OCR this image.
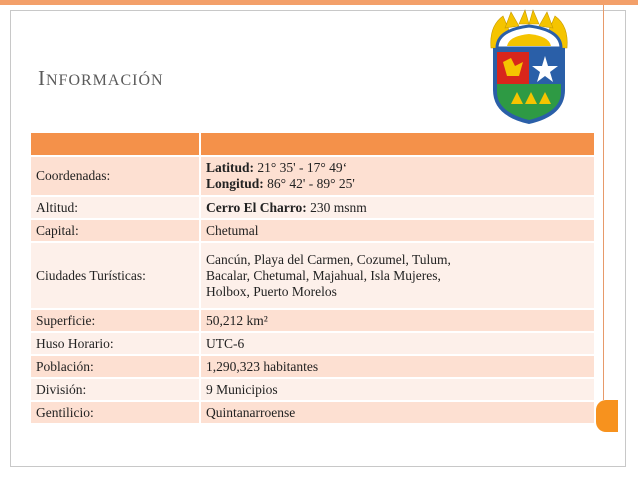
INFORMACIÓN

Coordenadas:	Latitud: 21° 35' - 17° 49‘
Longitud: 86° 42' - 89° 25'
Altitud:	Cerro El Charro: 230 msnm
Capital:	Chetumal
Ciudades Turísticas:	Cancún, Playa del Carmen, Cozumel, Tulum,
Bacalar, Chetumal, Majahual, Isla Mujeres,
Holbox, Puerto Morelos
Superficie:	50,212 km²
Huso Horario:	UTC-6
Población:	1,290,323 habitantes
División:	9 Municipios
Gentilicio:	Quintanarroense
